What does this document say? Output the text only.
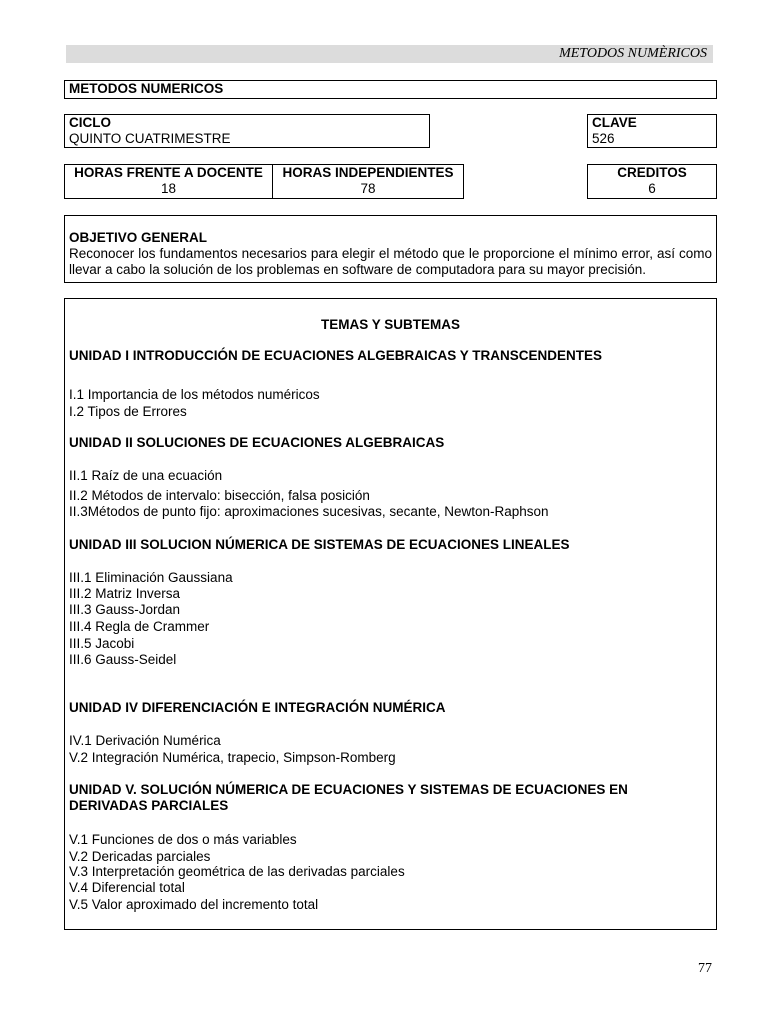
METODOS NUMÈRICOS
METODOS NUMERICOS
CICLO
QUINTO CUATRIMESTRE
CLAVE
526
HORAS FRENTE A DOCENTE
18
HORAS INDEPENDIENTES
78
CREDITOS
6
OBJETIVO GENERAL
Reconocer los fundamentos necesarios para elegir el método que le proporcione el mínimo error, así como llevar a cabo la solución de los problemas en software de computadora para su mayor precisión.
TEMAS Y SUBTEMAS
UNIDAD I INTRODUCCIÓN DE ECUACIONES ALGEBRAICAS Y TRANSCENDENTES
I.1 Importancia de los métodos numéricos
I.2 Tipos de Errores
UNIDAD II SOLUCIONES DE ECUACIONES ALGEBRAICAS
II.1 Raíz de una ecuación
II.2 Métodos de intervalo: bisección, falsa posición
II.3Métodos de punto fijo: aproximaciones sucesivas, secante, Newton-Raphson
UNIDAD III SOLUCION NÚMERICA DE SISTEMAS DE ECUACIONES LINEALES
III.1 Eliminación Gaussiana
III.2 Matriz Inversa
III.3 Gauss-Jordan
III.4 Regla de Crammer
III.5 Jacobi
III.6 Gauss-Seidel
UNIDAD IV DIFERENCIACIÓN E INTEGRACIÓN NUMÉRICA
IV.1 Derivación Numérica
V.2 Integración Numérica, trapecio, Simpson-Romberg
UNIDAD V. SOLUCIÓN NÚMERICA DE ECUACIONES Y SISTEMAS DE ECUACIONES EN
DERIVADAS PARCIALES
V.1 Funciones de dos o más variables
V.2 Dericadas parciales
V.3 Interpretación geométrica de las derivadas parciales
V.4 Diferencial total
V.5 Valor aproximado del incremento total
77
